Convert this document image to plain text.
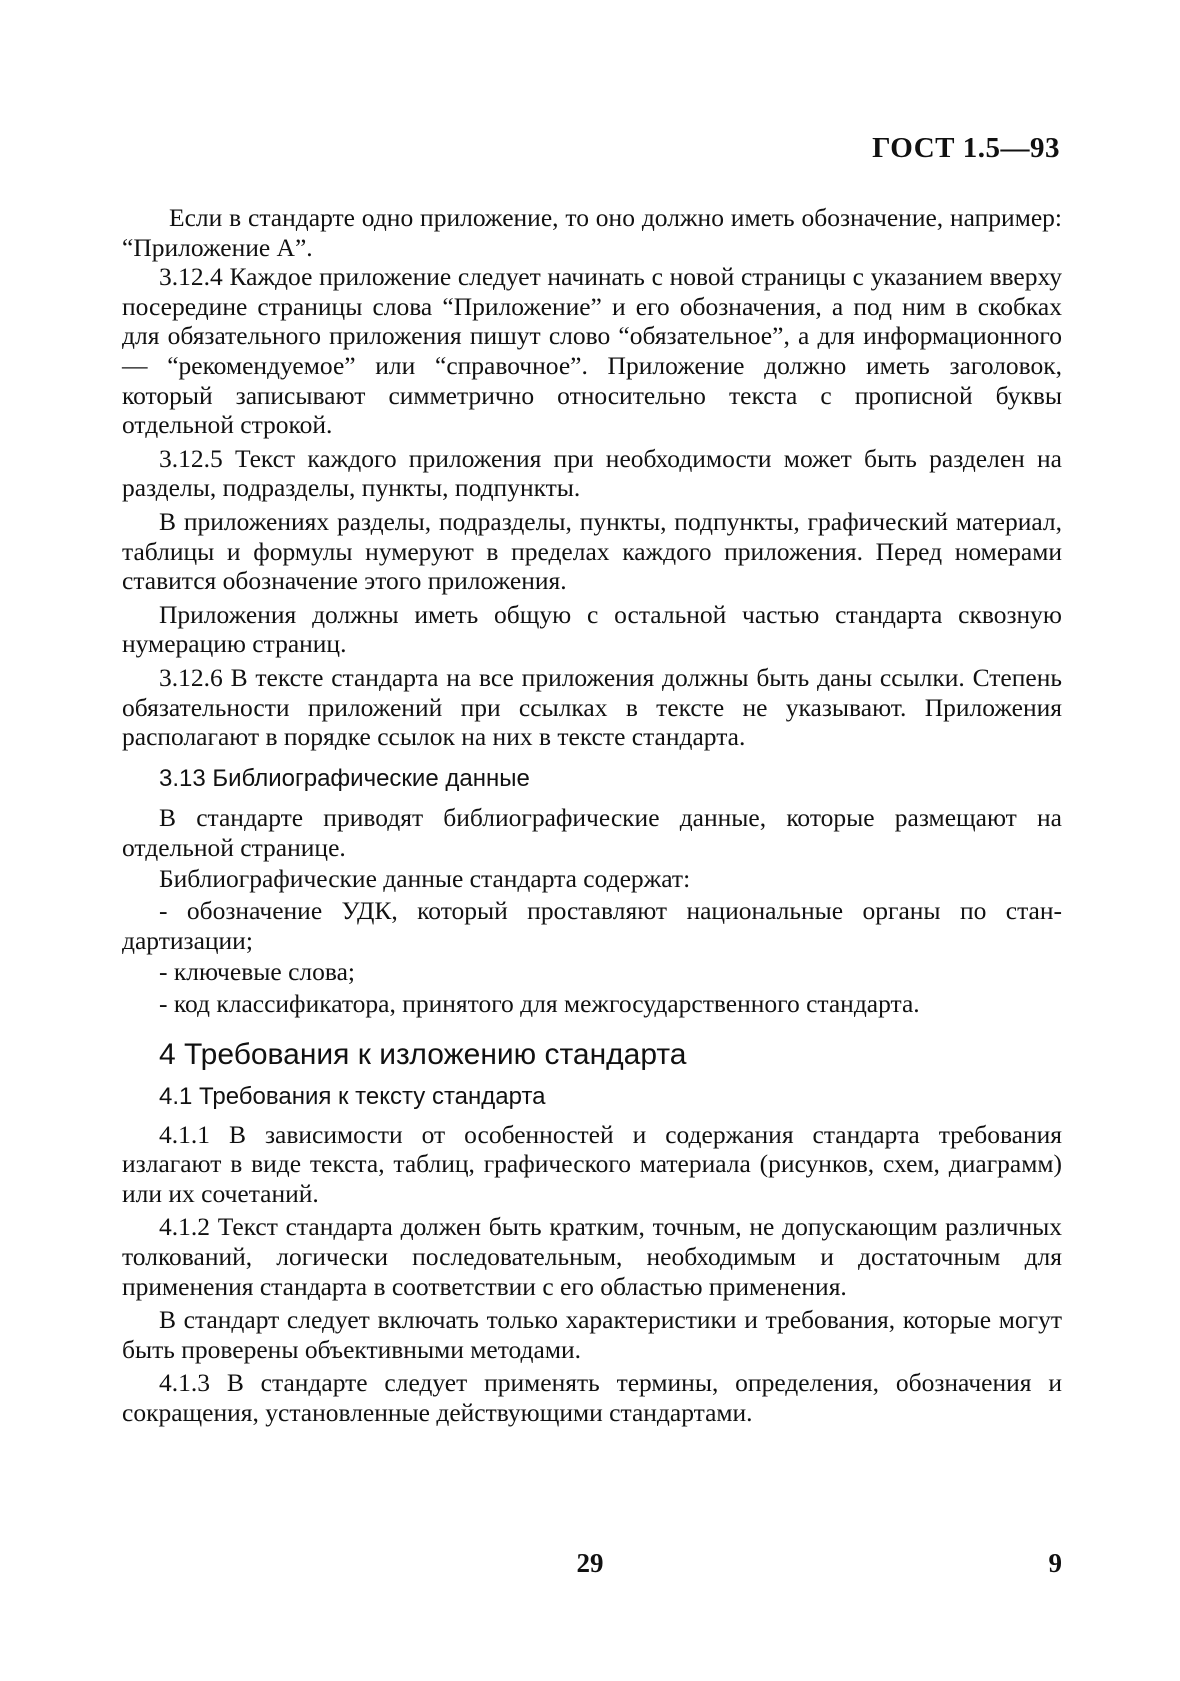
ГОСТ 1.5—93

Если в стандарте одно приложение, то оно должно иметь обозначение, например: “Приложение А”.

3.12.4 Каждое приложение следует начинать с новой страницы с указанием вверху посередине страницы слова “Приложение” и его обозначения, а под ним в скобках для обязательного приложения пишут слово “обязательное”, а для информационного — “рекомендуемое” или “справочное”. Приложение должно иметь заголовок, который записывают симметрично относительно текста с прописной буквы отдельной строкой.

3.12.5 Текст каждого приложения при необходимости может быть разделен на разделы, подразделы, пункты, подпункты.

В приложениях разделы, подразделы, пункты, подпункты, графический материал, таблицы и формулы нумеруют в пределах каждого приложения. Перед номерами ставится обозначение этого приложения.

Приложения должны иметь общую с остальной частью стандарта сквозную нумерацию страниц.

3.12.6 В тексте стандарта на все приложения должны быть даны ссылки. Степень обязательности приложений при ссылках в тексте не указывают. Приложения располагают в порядке ссылок на них в тексте стандарта.

3.13 Библиографические данные

В стандарте приводят библиографические данные, которые размещают на отдельной странице.

Библиографические данные стандарта содержат:

- обозначение УДК, который проставляют национальные органы по стандартизации;

- ключевые слова;

- код классификатора, принятого для межгосударственного стандарта.

4 Требования к изложению стандарта
4.1 Требования к тексту стандарта

4.1.1 В зависимости от особенностей и содержания стандарта требования излагают в виде текста, таблиц, графического материала (рисунков, схем, диаграмм) или их сочетаний.

4.1.2 Текст стандарта должен быть кратким, точным, не допускающим различных толкований, логически последовательным, необходимым и достаточным для применения стандарта в соответствии с его областью применения.

В стандарт следует включать только характеристики и требования, которые могут быть проверены объективными методами.

4.1.3 В стандарте следует применять термины, определения, обозначения и сокращения, установленные действующими стандартами.

29	9
